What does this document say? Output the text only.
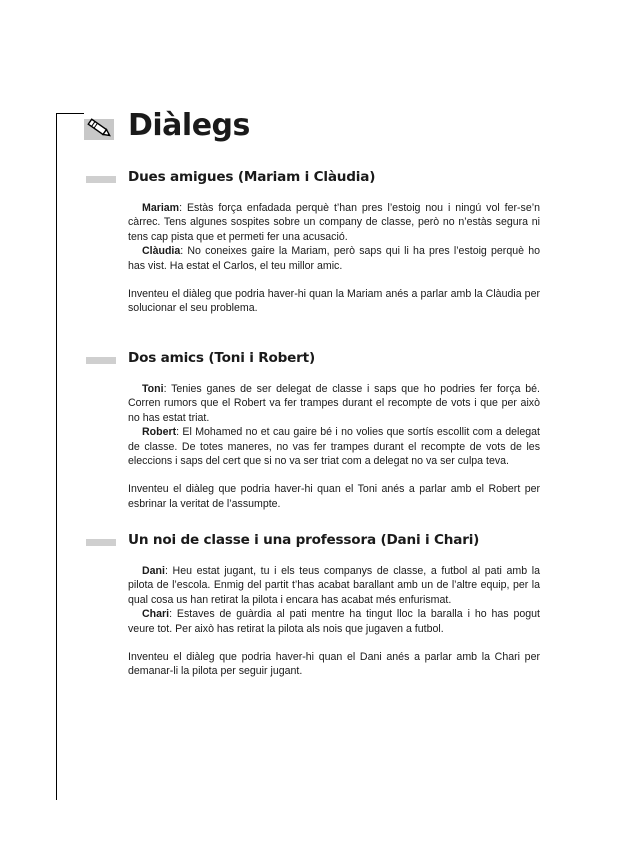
Diàlegs
Dues amigues (Mariam i Clàudia)

Mariam: Estàs força enfadada perquè t’han pres l’estoig nou i ningú vol fer-se’n càrrec. Tens algunes sospites sobre un company de classe, però no n’estàs segura ni tens cap pista que et permeti fer una acusació.

Clàudia: No coneixes gaire la Mariam, però saps qui li ha pres l’estoig perquè ho has vist. Ha estat el Carlos, el teu millor amic.

Inventeu el diàleg que podria haver-hi quan la Mariam anés a parlar amb la Clàudia per solucionar el seu problema.

Dos amics (Toni i Robert)

Toni: Tenies ganes de ser delegat de classe i saps que ho podries fer força bé. Corren rumors que el Robert va fer trampes durant el recompte de vots i que per això no has estat triat.

Robert: El Mohamed no et cau gaire bé i no volies que sortís escollit com a delegat de classe. De totes maneres, no vas fer trampes durant el recompte de vots de les eleccions i saps del cert que si no va ser triat com a delegat no va ser culpa teva.

Inventeu el diàleg que podria haver-hi quan el Toni anés a parlar amb el Robert per esbrinar la veritat de l’assumpte.

Un noi de classe i una professora (Dani i Chari)

Dani: Heu estat jugant, tu i els teus companys de classe, a futbol al pati amb la pilota de l’escola. Enmig del partit t’has acabat barallant amb un de l’altre equip, per la qual cosa us han retirat la pilota i encara has acabat més enfurismat.

Chari: Estaves de guàrdia al pati mentre ha tingut lloc la baralla i ho has pogut veure tot. Per això has retirat la pilota als nois que jugaven a futbol.

Inventeu el diàleg que podria haver-hi quan el Dani anés a parlar amb la Chari per demanar-li la pilota per seguir jugant.
